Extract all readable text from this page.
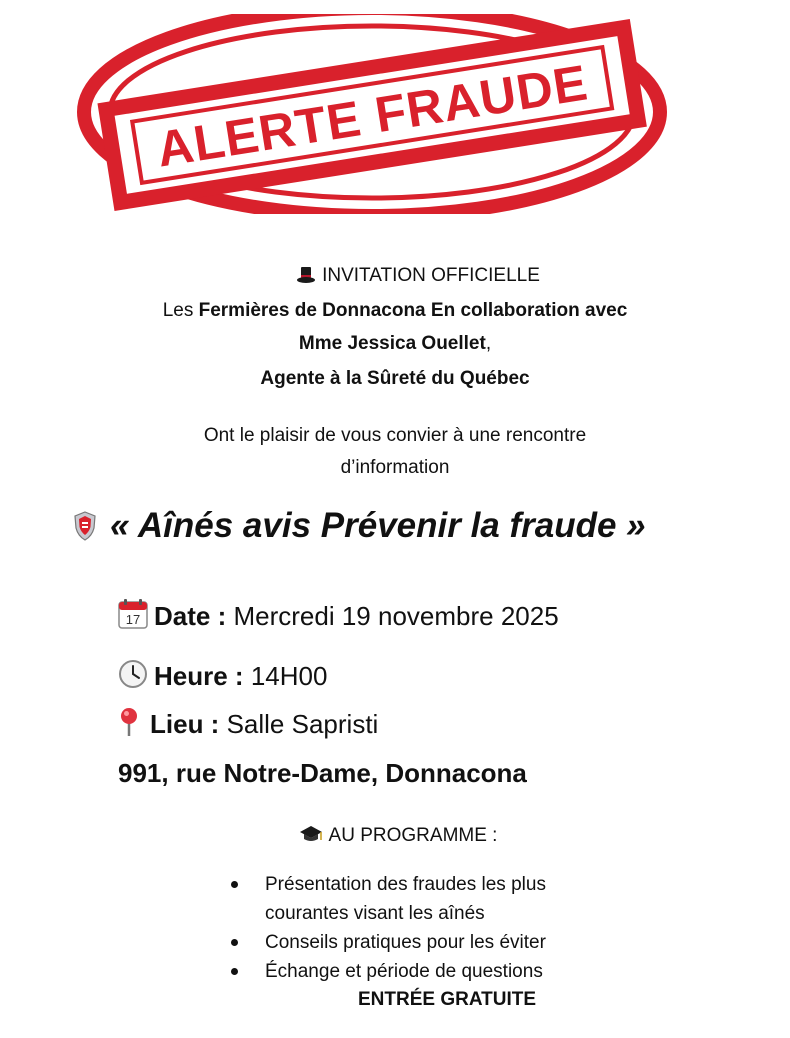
ALERTE FRAUDE
INVITATION OFFICIELLE
Les Fermières de Donnacona En collaboration avec
Mme Jessica Ouellet,
Agente à la Sûreté du Québec
Ont le plaisir de vous convier à une rencontre
d’information
« Aînés avis Prévenir la fraude »
17 Date : Mercredi 19 novembre 2025
Heure : 14H00
Lieu : Salle Sapristi
991, rue Notre-Dame, Donnacona
AU PROGRAMME :
Présentation des fraudes les plus
courantes visant les aînés
Conseils pratiques pour les éviter
Échange et période de questions
ENTRÉE GRATUITE
